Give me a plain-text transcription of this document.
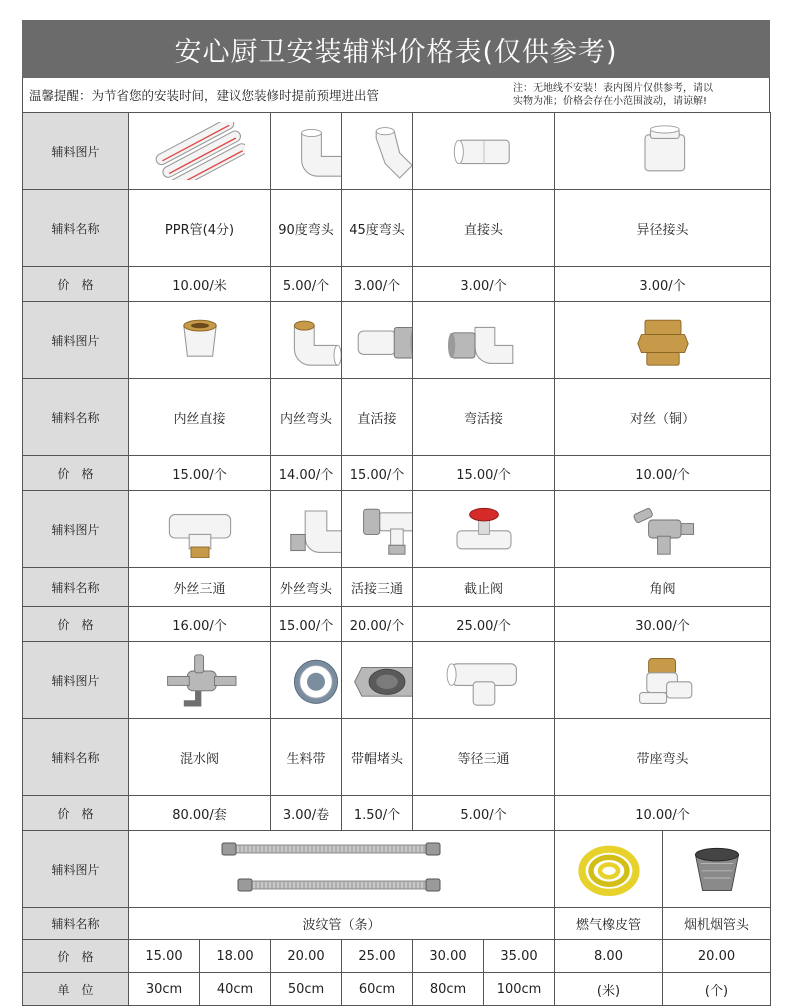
安心厨卫安装辅料价格表(仅供参考)
温馨提醒：为节省您的安装时间，建议您装修时提前预埋进出管	注：无地线不安装！表内图片仅供参考，请以
实物为准；价格会存在小范围波动，请谅解!
辅料图片	

辅料名称	PPR管(4分)		90度弯头	45度弯头	直接头		异径接头	
价　格	10.00/米		5.00/个	3.00/个	3.00/个		3.00/个	
辅料图片	

辅料名称	内丝直接		内丝弯头	直活接	弯活接		对丝（铜）	
价　格	15.00/个		14.00/个	15.00/个	15.00/个		10.00/个	
辅料图片	

辅料名称	外丝三通		外丝弯头	活接三通	截止阀		角阀	
价　格	16.00/个		15.00/个	20.00/个	25.00/个		30.00/个	
辅料图片	

辅料名称	混水阀		生料带	带帽堵头	等径三通		带座弯头	
价　格	80.00/套		3.00/卷	1.50/个	5.00/个		10.00/个	
辅料图片	

辅料名称	波纹管（条）						燃气橡皮管	烟机烟管头	
价　格	15.00	18.00	20.00	25.00	30.00	35.00	8.00	20.00	
单　位	30cm	40cm	50cm	60cm	80cm	100cm	(米)	(个)	
